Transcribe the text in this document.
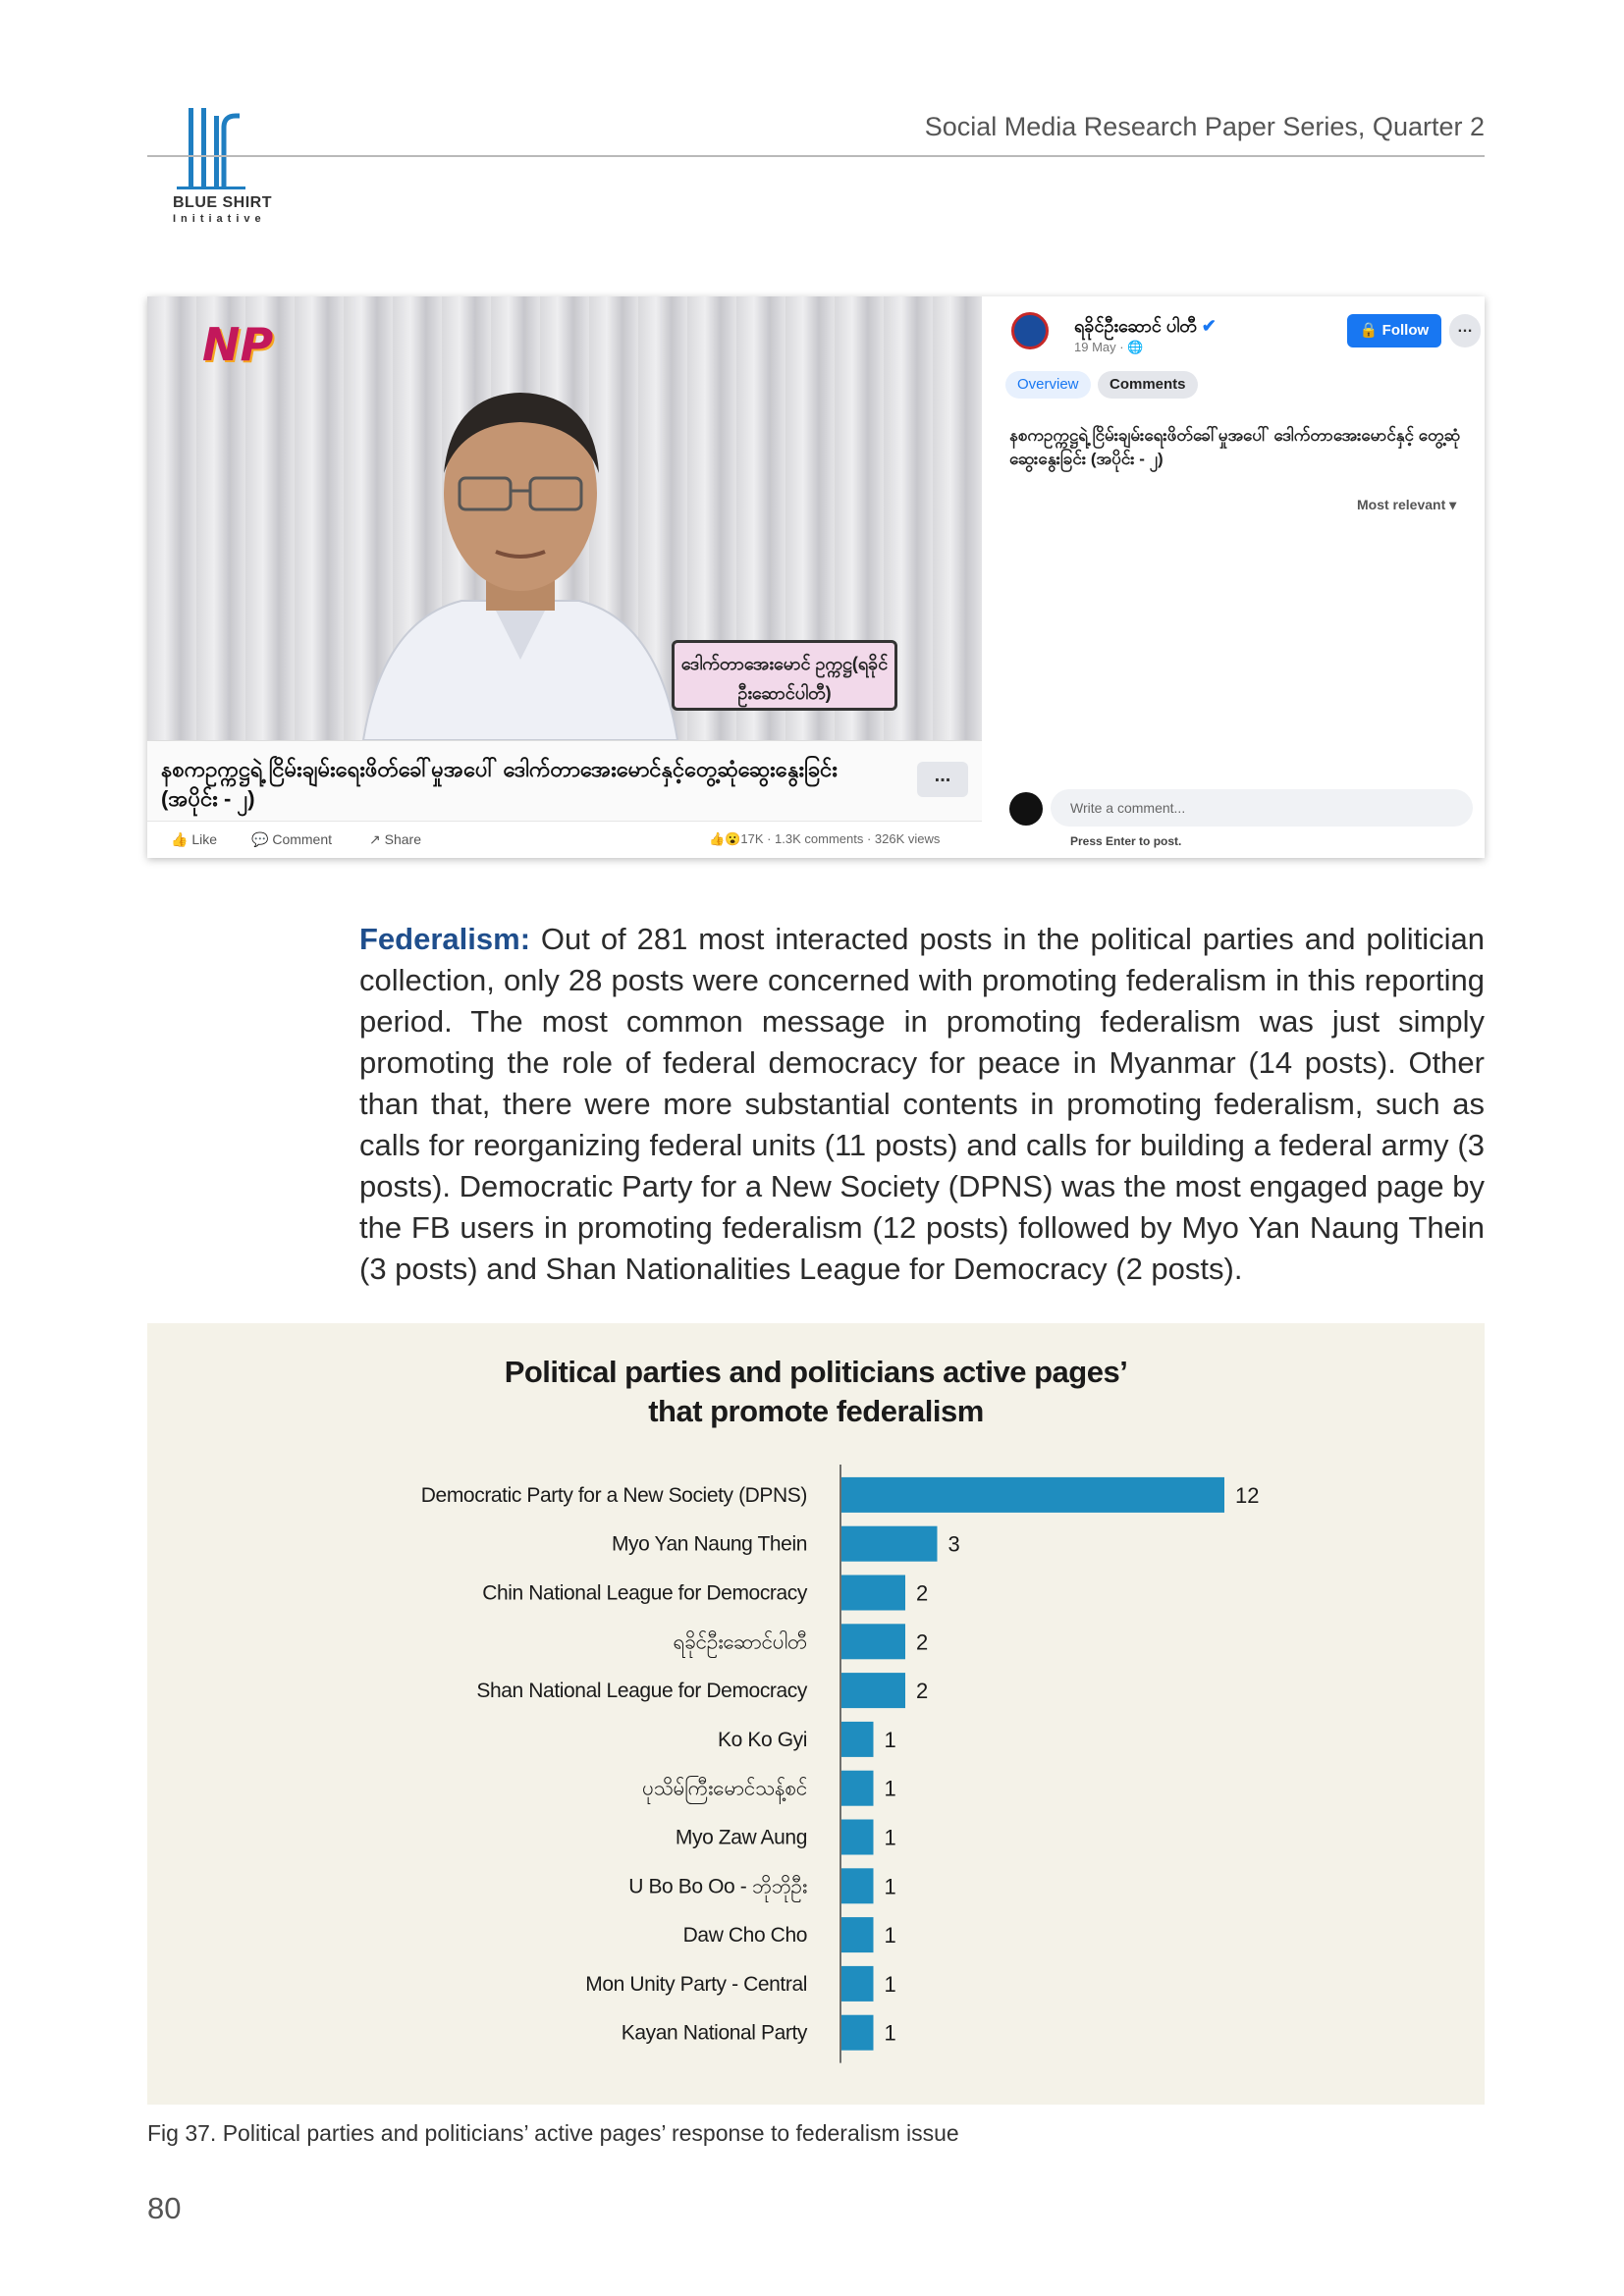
BLUE SHIRT
Initiative
Social Media Research Paper Series, Quarter 2
NP
ဒေါက်တာအေးမောင် ဥက္ကဋ္ဌ(ရခိုင်ဦးဆောင်ပါတီ)
နစကဥက္ကဋ္ဌရဲ့ ငြိမ်းချမ်းရေးဖိတ်ခေါ်မှုအပေါ် ဒေါက်တာအေးမောင်နှင့်တွေ့ဆုံဆွေးနွေးခြင်း (အပိုင်း - ၂)
...
👍 Like 💬 Comment	↗ Share	👍😮17K · 1.3K comments · 326K views
ရခိုင်ဦးဆောင် ပါတီ ✔
19 May · 🌐
🔒 Follow	…
Overview	Comments
နစကဥက္ကဋ္ဌရဲ့ ငြိမ်းချမ်းရေးဖိတ်ခေါ်မှုအပေါ် ဒေါက်တာအေးမောင်နှင့် တွေ့ဆုံဆွေးနွေးခြင်း (အပိုင်း - ၂)
Most relevant ▾
Write a comment...
Press Enter to post.
Federalism: Out of 281 most interacted posts in the political parties and politician collection, only 28 posts were concerned with promoting federalism in this reporting period. The most common message in promoting federalism was just simply promoting the role of federal democracy for peace in Myanmar (14 posts). Other than that, there were more substantial contents in promoting federalism, such as calls for reorganizing federal units (11 posts) and calls for building a federal army (3 posts). Democratic Party for a New Society (DPNS) was the most engaged page by the FB users in promoting federalism (12 posts) followed by Myo Yan Naung Thein (3 posts) and Shan Nationalities League for Democracy (2 posts).
Political parties and politicians active pages’
that promote federalism
Democratic Party for a New Society (DPNS)	12
Myo Yan Naung Thein	3
Chin National League for Democracy	2
ရခိုင်ဦးဆောင်ပါတီ	2
Shan National League for Democracy	2
Ko Ko Gyi	1
ပုသိမ်ကြီးမောင်သန့်စင်	1
Myo Zaw Aung	1
U Bo Bo Oo - ဘိုဘိုဦး	1
Daw Cho Cho	1
Mon Unity Party - Central	1
Kayan National Party	1
Fig 37. Political parties and politicians’ active pages’ response to federalism issue
80
